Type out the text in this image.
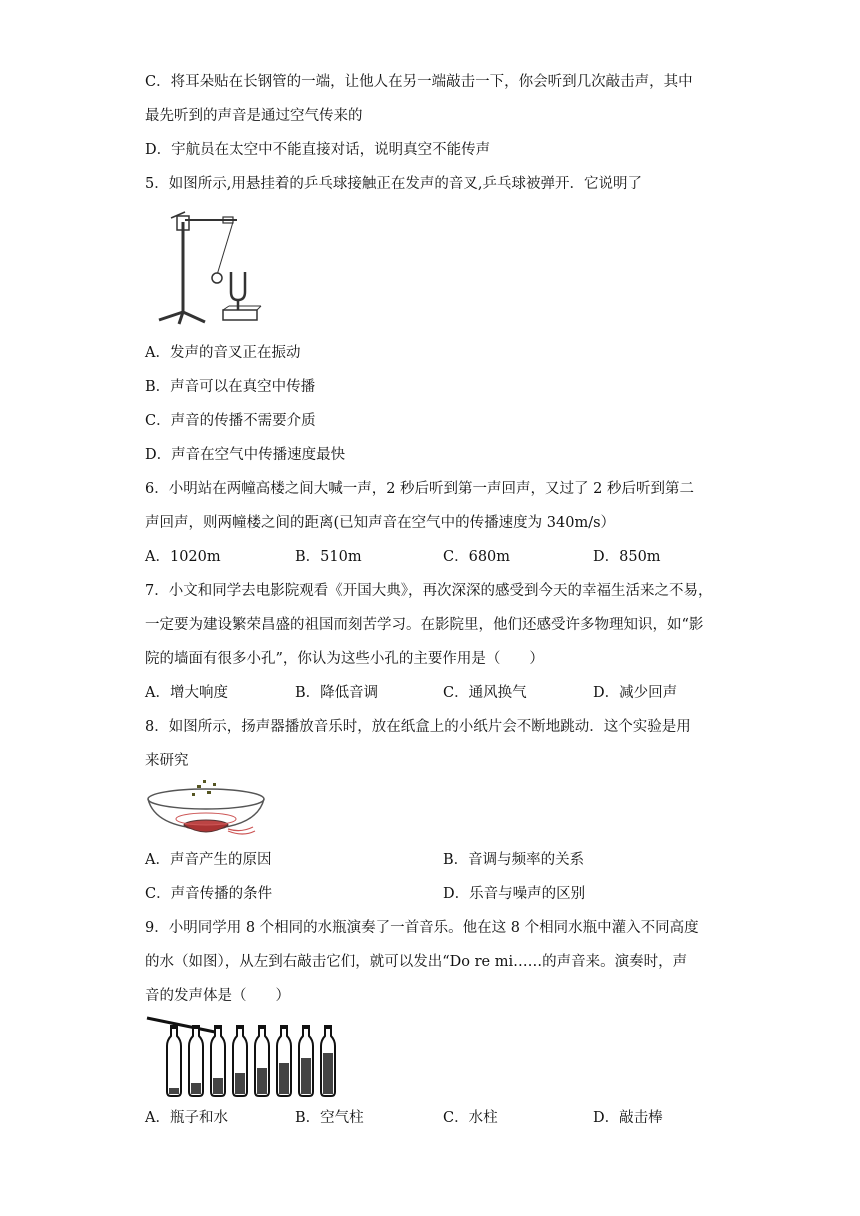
C．将耳朵贴在长钢管的一端，让他人在另一端敲击一下，你会听到几次敲击声，其中
最先听到的声音是通过空气传来的
D．宇航员在太空中不能直接对话，说明真空不能传声
5．如图所示,用悬挂着的乒乓球接触正在发声的音叉,乒乓球被弹开．它说明了
A．发声的音叉正在振动
B．声音可以在真空中传播
C．声音的传播不需要介质
D．声音在空气中传播速度最快
6．小明站在两幢高楼之间大喊一声，2 秒后听到第一声回声，又过了 2 秒后听到第二
声回声，则两幢楼之间的距离(已知声音在空气中的传播速度为 340m/s）
A．1020m	B．510m	C．680m	D．850m
7．小文和同学去电影院观看《开国大典》，再次深深的感受到今天的幸福生活来之不易，
一定要为建设繁荣昌盛的祖国而刻苦学习。在影院里，他们还感受许多物理知识，如“影
院的墙面有很多小孔”，你认为这些小孔的主要作用是（　　）
A．增大响度	B．降低音调	C．通风换气	D．减少回声
8．如图所示，扬声器播放音乐时，放在纸盒上的小纸片会不断地跳动．这个实验是用
来研究
A．声音产生的原因	B．音调与频率的关系
C．声音传播的条件	D．乐音与噪声的区别
9．小明同学用 8 个相同的水瓶演奏了一首音乐。他在这 8 个相同水瓶中灌入不同高度
的水（如图），从左到右敲击它们，就可以发出“Do re mi……的声音来。演奏时，声
音的发声体是（　　）
A．瓶子和水	B．空气柱	C．水柱	D．敲击棒
